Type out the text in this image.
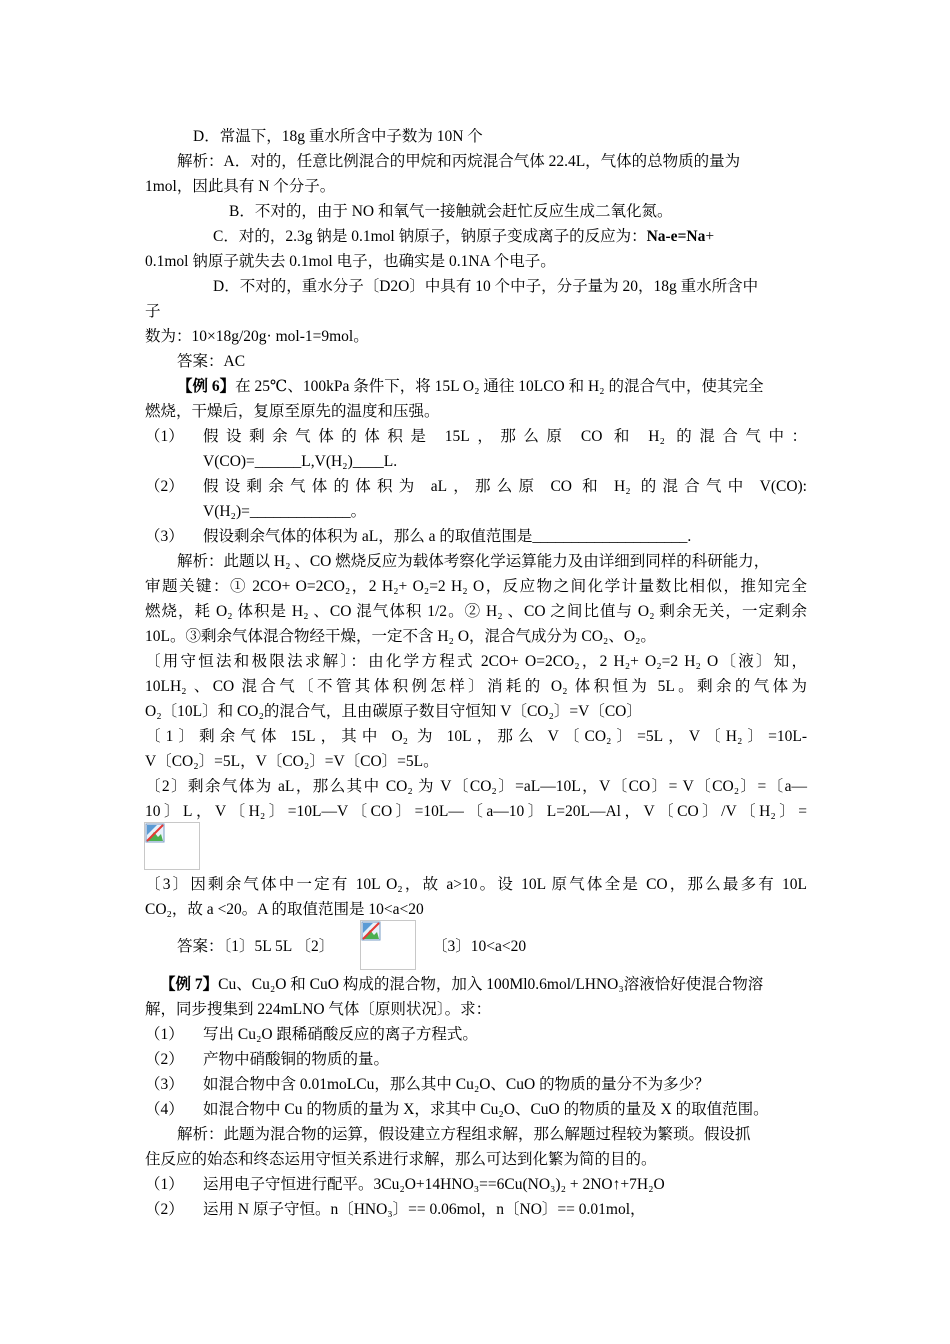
D．常温下，18g 重水所含中子数为 10N 个
解析：A．对的，任意比例混合的甲烷和丙烷混合气体 22.4L，气体的总物质的量为
1mol，因此具有 N 个分子。
B．不对的，由于 NO 和氧气一接触就会赶忙反应生成二氧化氮。
C．对的，2.3g 钠是 0.1mol 钠原子，钠原子变成离子的反应为：Na-e=Na+
0.1mol 钠原子就失去 0.1mol 电子，也确实是 0.1NA 个电子。
D．不对的，重水分子〔D2O〕中具有 10 个中子，分子量为 20，18g 重水所含中
子
数为：10×18g/20g· mol-1=9mol。
答案：AC
【例 6】在 25℃、100kPa 条件下，将 15L O₂ 通往 10LCO 和 H₂ 的混合气中，使其完全
燃烧，干燥后，复原至原先的温度和压强。
（1） 假设剩余气体的体积是 15L，那么原 CO 和 H₂ 的混合气中：
V(CO)=______L,V(H₂)____L.
（2） 假设剩余气体的体积为 aL，那么原 CO 和 H₂ 的混合气中 V(CO):
V(H₂)=_____________。
（3） 假设剩余气体的体积为 aL，那么 a 的取值范围是____________________.
解析：此题以 H₂ 、CO 燃烧反应为载体考察化学运算能力及由详细到同样的科研能力，
审题关键：① 2CO+ O=2CO₂，2 H₂+ O₂=2 H₂ O，反应物之间化学计量数比相似，推知完全
燃烧，耗 O₂ 体积是 H₂ 、CO 混气体积 1/2。② H₂ 、CO 之间比值与 O₂ 剩余无关，一定剩余
10L。③剩余气体混合物经干燥，一定不含 H₂ O，混合气成分为 CO₂、O₂。
〔用守恒法和极限法求解〕：由化学方程式 2CO+ O=2CO₂，2 H₂+ O₂=2 H₂ O〔液〕知，
10LH₂ 、CO 混合气〔不管其体积例怎样〕消耗的 O₂ 体积恒为 5L。剩余的气体为
O₂〔10L〕和 CO₂的混合气，且由碳原子数目守恒知 V〔CO₂〕=V〔CO〕
〔1〕剩余气体 15L，其中 O₂ 为 10L，那么 V〔CO₂〕=5L，V〔H₂〕=10L-
V〔CO₂〕=5L，V〔CO₂〕=V〔CO〕=5L。
〔2〕剩余气体为 aL，那么其中 CO₂ 为 V〔CO₂〕=aL—10L，V〔CO〕= V〔CO₂〕=〔a—
10〕L，V〔H₂〕=10L—V〔CO〕=10L—〔a—10〕L=20L—Al，V〔CO〕/V〔H₂〕=
〔3〕因剩余气体中一定有 10L O₂，故 a>10。设 10L 原气体全是 CO，那么最多有 10L
CO₂，故 a <20。A 的取值范围是 10<a<20
答案：〔1〕5L 5L 〔2〕	〔3〕10<a<20
【例 7】Cu、Cu₂O 和 CuO 构成的混合物，加入 100Ml0.6mol/LHNO₃溶液恰好使混合物溶
解，同步搜集到 224mLNO 气体〔原则状况〕。求：
（1） 写出 Cu₂O 跟稀硝酸反应的离子方程式。
（2） 产物中硝酸铜的物质的量。
（3） 如混合物中含 0.01moLCu，那么其中 Cu₂O、CuO 的物质的量分不为多少？
（4） 如混合物中 Cu 的物质的量为 X，求其中 Cu₂O、CuO 的物质的量及 X 的取值范围。
解析：此题为混合物的运算，假设建立方程组求解，那么解题过程较为繁琐。假设抓
住反应的始态和终态运用守恒关系进行求解，那么可达到化繁为简的目的。
（1） 运用电子守恒进行配平。3Cu₂O+14HNO₃==6Cu(NO₃)₂ + 2NO↑+7H₂O
（2） 运用 N 原子守恒。n〔HNO₃〕== 0.06mol，n〔NO〕== 0.01mol，
